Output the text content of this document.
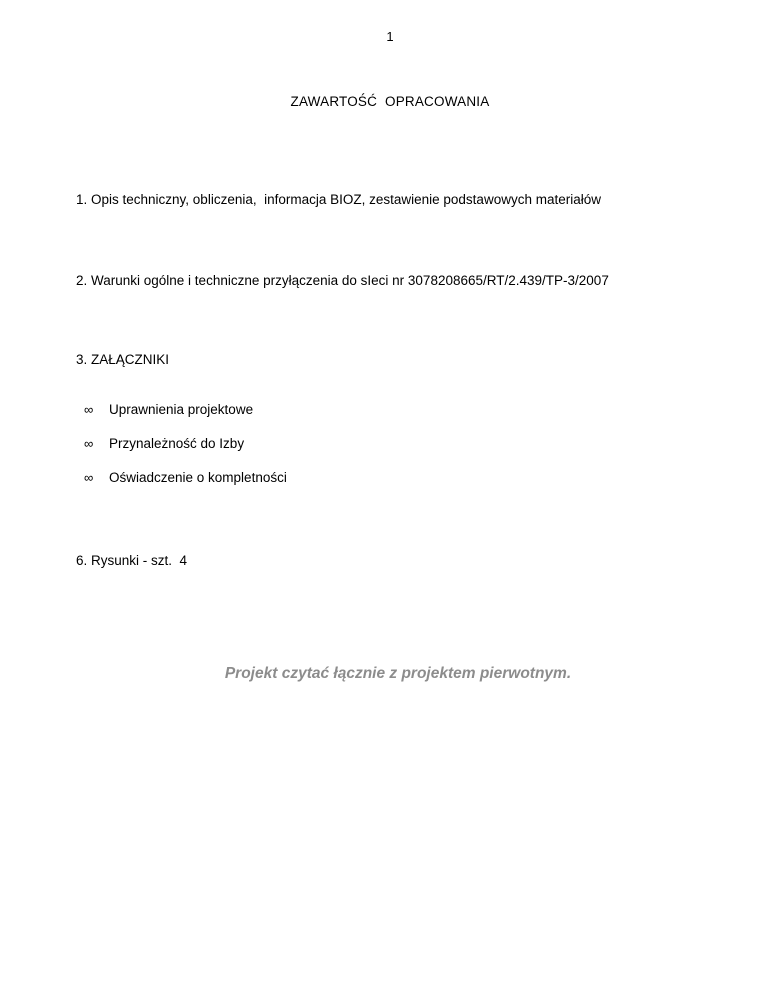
1
ZAWARTOŚĆ  OPRACOWANIA
1. Opis techniczny, obliczenia,  informacja BIOZ, zestawienie podstawowych materiałów
2. Warunki ogólne i techniczne przyłączenia do sIeci nr 3078208665/RT/2.439/TP-3/2007
3. ZAŁĄCZNIKI
∞	Uprawnienia projektowe
∞	Przynależność do Izby
∞	Oświadczenie o kompletności
6. Rysunki - szt.  4
Projekt czytać łącznie z projektem pierwotnym.
